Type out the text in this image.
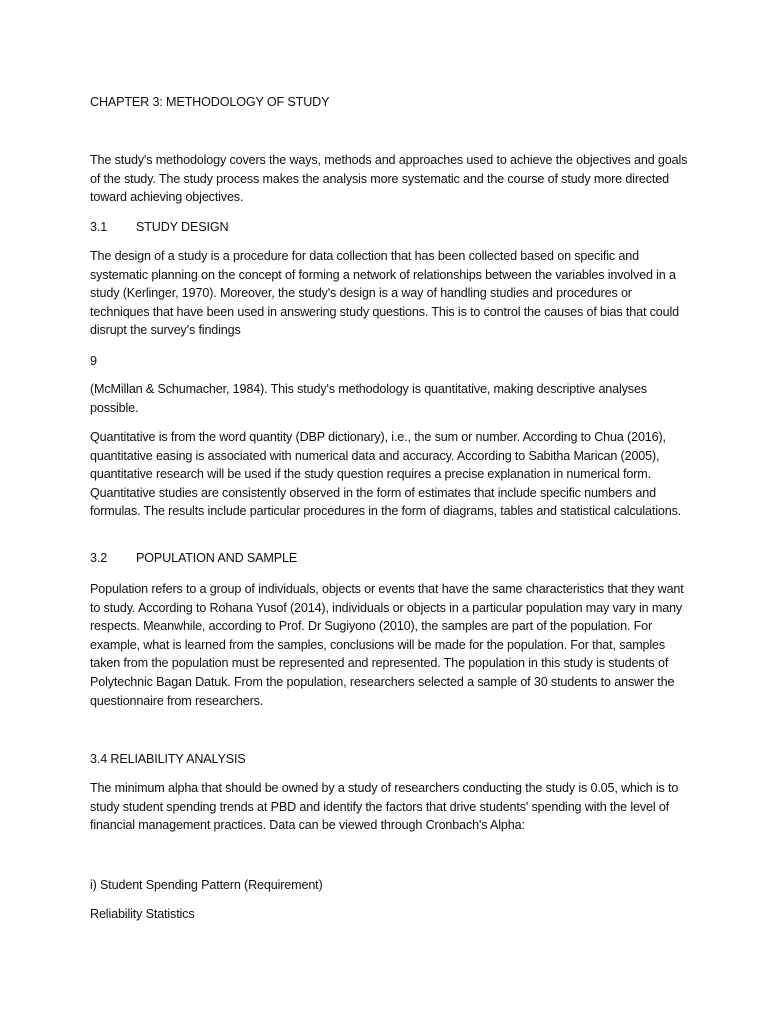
CHAPTER 3: METHODOLOGY OF STUDY

The study's methodology covers the ways, methods and approaches used to achieve the objectives and goals of the study. The study process makes the analysis more systematic and the course of study more directed toward achieving objectives.

3.1 STUDY DESIGN

The design of a study is a procedure for data collection that has been collected based on specific and systematic planning on the concept of forming a network of relationships between the variables involved in a study (Kerlinger, 1970). Moreover, the study's design is a way of handling studies and procedures or techniques that have been used in answering study questions. This is to control the causes of bias that could disrupt the survey's findings

9

(McMillan & Schumacher, 1984). This study's methodology is quantitative, making descriptive analyses possible.

Quantitative is from the word quantity (DBP dictionary), i.e., the sum or number. According to Chua (2016), quantitative easing is associated with numerical data and accuracy. According to Sabitha Marican (2005), quantitative research will be used if the study question requires a precise explanation in numerical form. Quantitative studies are consistently observed in the form of estimates that include specific numbers and formulas. The results include particular procedures in the form of diagrams, tables and statistical calculations.

3.2 POPULATION AND SAMPLE

Population refers to a group of individuals, objects or events that have the same characteristics that they want to study. According to Rohana Yusof (2014), individuals or objects in a particular population may vary in many respects. Meanwhile, according to Prof. Dr Sugiyono (2010), the samples are part of the population. For example, what is learned from the samples, conclusions will be made for the population. For that, samples taken from the population must be represented and represented. The population in this study is students of Polytechnic Bagan Datuk. From the population, researchers selected a sample of 30 students to answer the questionnaire from researchers.

3.4 RELIABILITY ANALYSIS

The minimum alpha that should be owned by a study of researchers conducting the study is 0.05, which is to study student spending trends at PBD and identify the factors that drive students' spending with the level of financial management practices. Data can be viewed through Cronbach's Alpha:

i) Student Spending Pattern (Requirement)

Reliability Statistics
